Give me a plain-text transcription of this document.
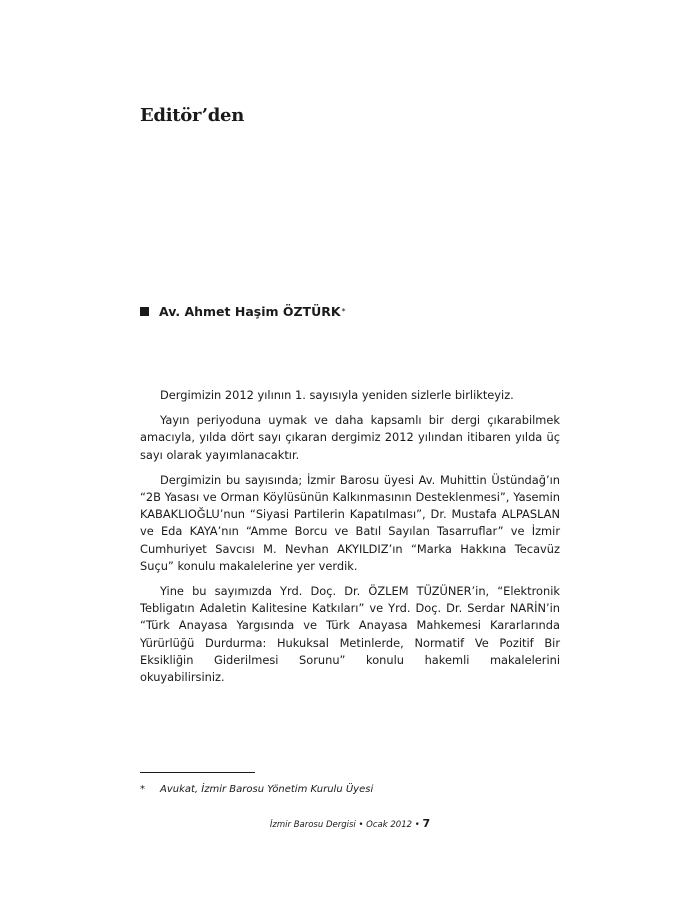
Editör’den
Av. Ahmet Haşim ÖZTÜRK *

Dergimizin 2012 yılının 1. sayısıyla yeniden sizlerle birlikteyiz.

Yayın periyoduna uymak ve daha kapsamlı bir dergi çıkarabilmek amacıyla, yılda dört sayı çıkaran dergimiz 2012 yılından itibaren yılda üç sayı olarak yayımlanacaktır.

Dergimizin bu sayısında; İzmir Barosu üyesi Av. Muhittin Üstündağ’ın “2B Yasası ve Orman Köylüsünün Kalkınmasının Desteklenmesi”, Yasemin KABAKLIOĞLU’nun “Siyasi Partilerin Kapatılması”, Dr. Mustafa ALPASLAN ve Eda KAYA’nın “Amme Borcu ve Batıl Sayılan Tasarruflar” ve İzmir Cumhuriyet Savcısı M. Nevhan AKYILDIZ’ın “Marka Hakkına Tecavüz Suçu” konulu makalelerine yer verdik.

Yine bu sayımızda Yrd. Doç. Dr. ÖZLEM TÜZÜNER’in, “Elektronik Tebligatın Adaletin Kalitesine Katkıları” ve Yrd. Doç. Dr. Serdar NARİN’in “Türk Anayasa Yargısında ve Türk Anayasa Mahkemesi Kararlarında Yürürlüğü Durdurma: Hukuksal Metinlerde, Normatif Ve Pozitif Bir Eksikliğin Giderilmesi Sorunu” konulu hakemli makalelerini okuyabilirsiniz.

* Avukat, İzmir Barosu Yönetim Kurulu Üyesi
İzmir Barosu Dergisi • Ocak 2012 • 7
